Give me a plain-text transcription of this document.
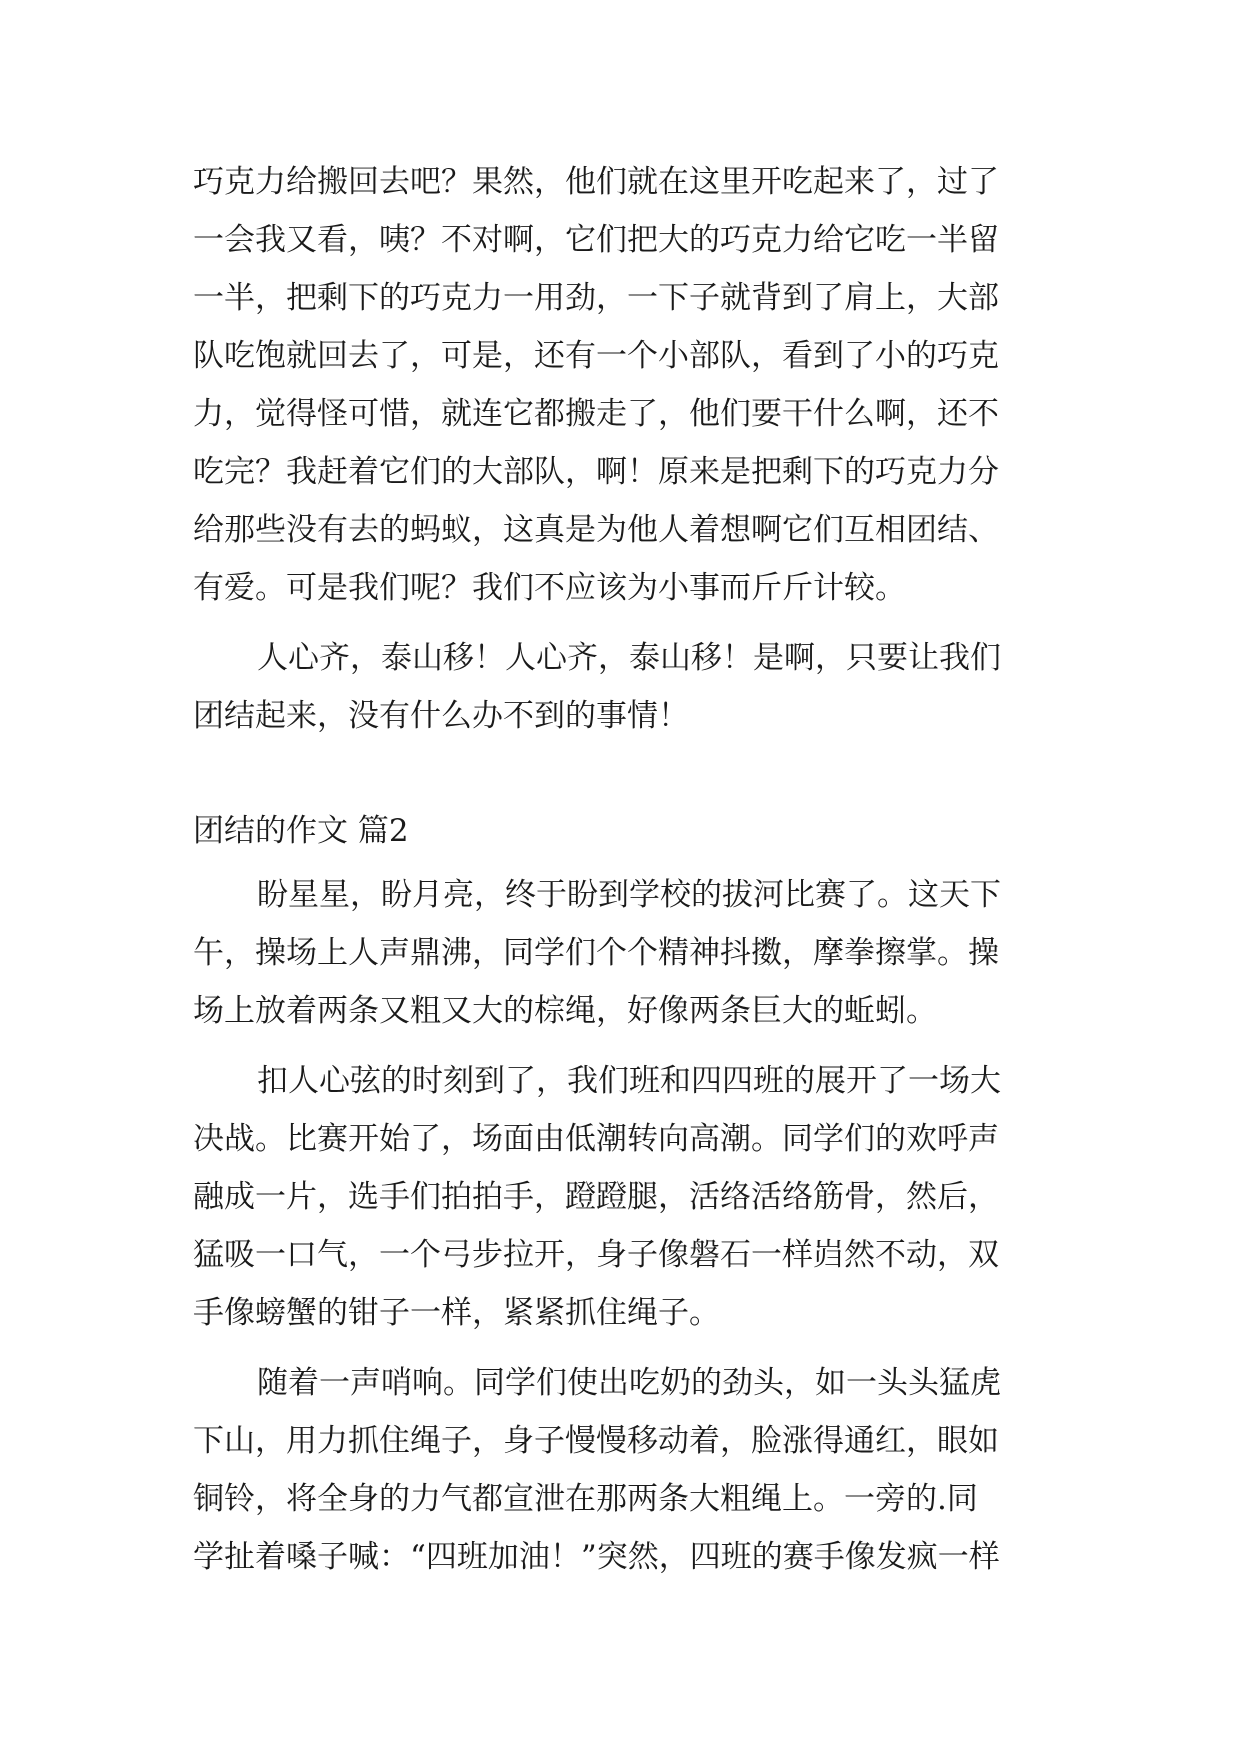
巧克力给搬回去吧？果然，他们就在这里开吃起来了，过了
一会我又看，咦？不对啊，它们把大的巧克力给它吃一半留
一半，把剩下的巧克力一用劲，一下子就背到了肩上，大部
队吃饱就回去了，可是，还有一个小部队，看到了小的巧克
力，觉得怪可惜，就连它都搬走了，他们要干什么啊，还不
吃完？我赶着它们的大部队，啊！原来是把剩下的巧克力分
给那些没有去的蚂蚁，这真是为他人着想啊它们互相团结、
有爱。可是我们呢？我们不应该为小事而斤斤计较。
人心齐，泰山移！人心齐，泰山移！是啊，只要让我们
团结起来，没有什么办不到的事情！
团结的作文 篇2
盼星星，盼月亮，终于盼到学校的拔河比赛了。这天下
午，操场上人声鼎沸，同学们个个精神抖擞，摩拳擦掌。操
场上放着两条又粗又大的棕绳，好像两条巨大的蚯蚓。
扣人心弦的时刻到了，我们班和四四班的展开了一场大
决战。比赛开始了，场面由低潮转向高潮。同学们的欢呼声
融成一片，选手们拍拍手，蹬蹬腿，活络活络筋骨，然后，
猛吸一口气，一个弓步拉开，身子像磐石一样岿然不动，双
手像螃蟹的钳子一样，紧紧抓住绳子。
随着一声哨响。同学们使出吃奶的劲头，如一头头猛虎
下山，用力抓住绳子，身子慢慢移动着，脸涨得通红，眼如
铜铃，将全身的力气都宣泄在那两条大粗绳上。一旁的.同
学扯着嗓子喊：“四班加油！”突然，四班的赛手像发疯一样
